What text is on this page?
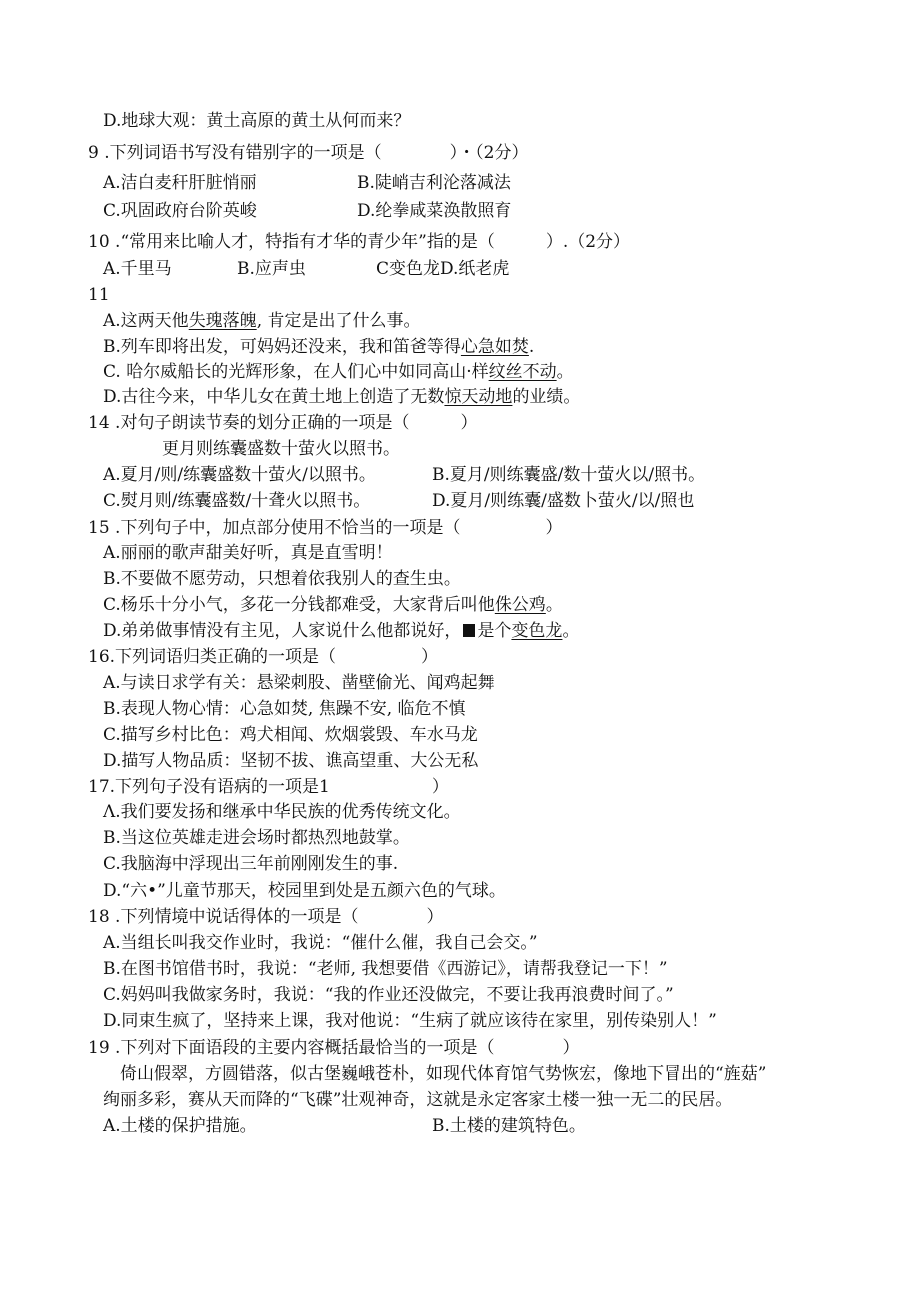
D.地球大观：黄土高原的黄土从何而来？
9 .下列词语书写没有错别字的一项是（　　　　）・（2分）
A.洁白麦秆肝脏悄丽	B.陡峭吉利沦落减法
C.巩固政府台阶英峻	D.纶拳咸菜涣散照育
10 .“常用来比喻人才，特指有才华的青少年”指的是（　　　）.（2分）
A.千里马	B.应声虫	C变色龙D.纸老虎
11
A.这两天他失瑰落魄, 肯定是出了什么事。
B.列车即将出发，可妈妈还没来，我和笛爸等得心急如焚.
C. 哈尔威船长的光辉形象，在人们心中如同高山·样纹丝不动。
D.古往今来，中华儿女在黄土地上创造了无数惊天动地的业绩。
14 .对句子朗读节奏的划分正确的一项是（　　　）
更月则练囊盛数十萤火以照书。
A.夏月/则/练囊盛数十萤火/以照书。	B.夏月/则练囊盛/数十萤火以/照书。
C.熨月则/练囊盛数/十聋火以照书。	D.夏月/则练囊/盛数卜萤火/以/照也
15 .下列句子中，加点部分使用不恰当的一项是（　　　　　）
A.丽丽的歌声甜美好听，真是直雪明！
B.不要做不愿劳动，只想着依我别人的查生虫。
C.杨乐十分小气，多花一分钱都难受，大家背后叫他侏公鸡。
D.弟弟做事情没有主见，人家说什么他都说好， 是个变色龙。
16.下列词语归类正确的一项是（　　　　　）
A.与读日求学有关：悬梁刺股、凿壁偷光、闻鸡起舞
B.表现人物心情：心急如焚, 焦躁不安, 临危不慎
C.描写乡村比色：鸡犬相闻、炊烟裳毁、车水马龙
D.描写人物品质：坚韧不拔、谯高望重、大公无私
17.下列句子没有语病的一项是1　　　　　　）
Λ.我们要发扬和继承中华民族的优秀传统文化。
B.当这位英雄走进会场时都热烈地鼓掌。
C.我脑海中浮现出三年前刚刚发生的事.
D.“六•”儿童节那天，校园里到处是五颜六色的气球。
18 .下列情境中说话得体的一项是（　　　　）
A.当组长叫我交作业时，我说：“催什么催，我自己会交。”
B.在图书馆借书时，我说：“老师, 我想要借《西游记》，请帮我登记一下！”
C.妈妈叫我做家务时，我说：“我的作业还没做完，不要让我再浪费时间了。”
D.同束生疯了，坚持来上课，我对他说：“生病了就应该待在家里，别传染别人！”
19 .下列对下面语段的主要内容概括最恰当的一项是（　　　　）
倚山假翠，方圆错落，似古堡巍峨苍朴，如现代体育馆气势恢宏，像地下冒出的“旌菇”
绚丽多彩，赛从天而降的“飞碟”壮观神奇，这就是永定客家土楼一独一无二的民居。
A.土楼的保护措施。	B.土楼的建筑特色。
